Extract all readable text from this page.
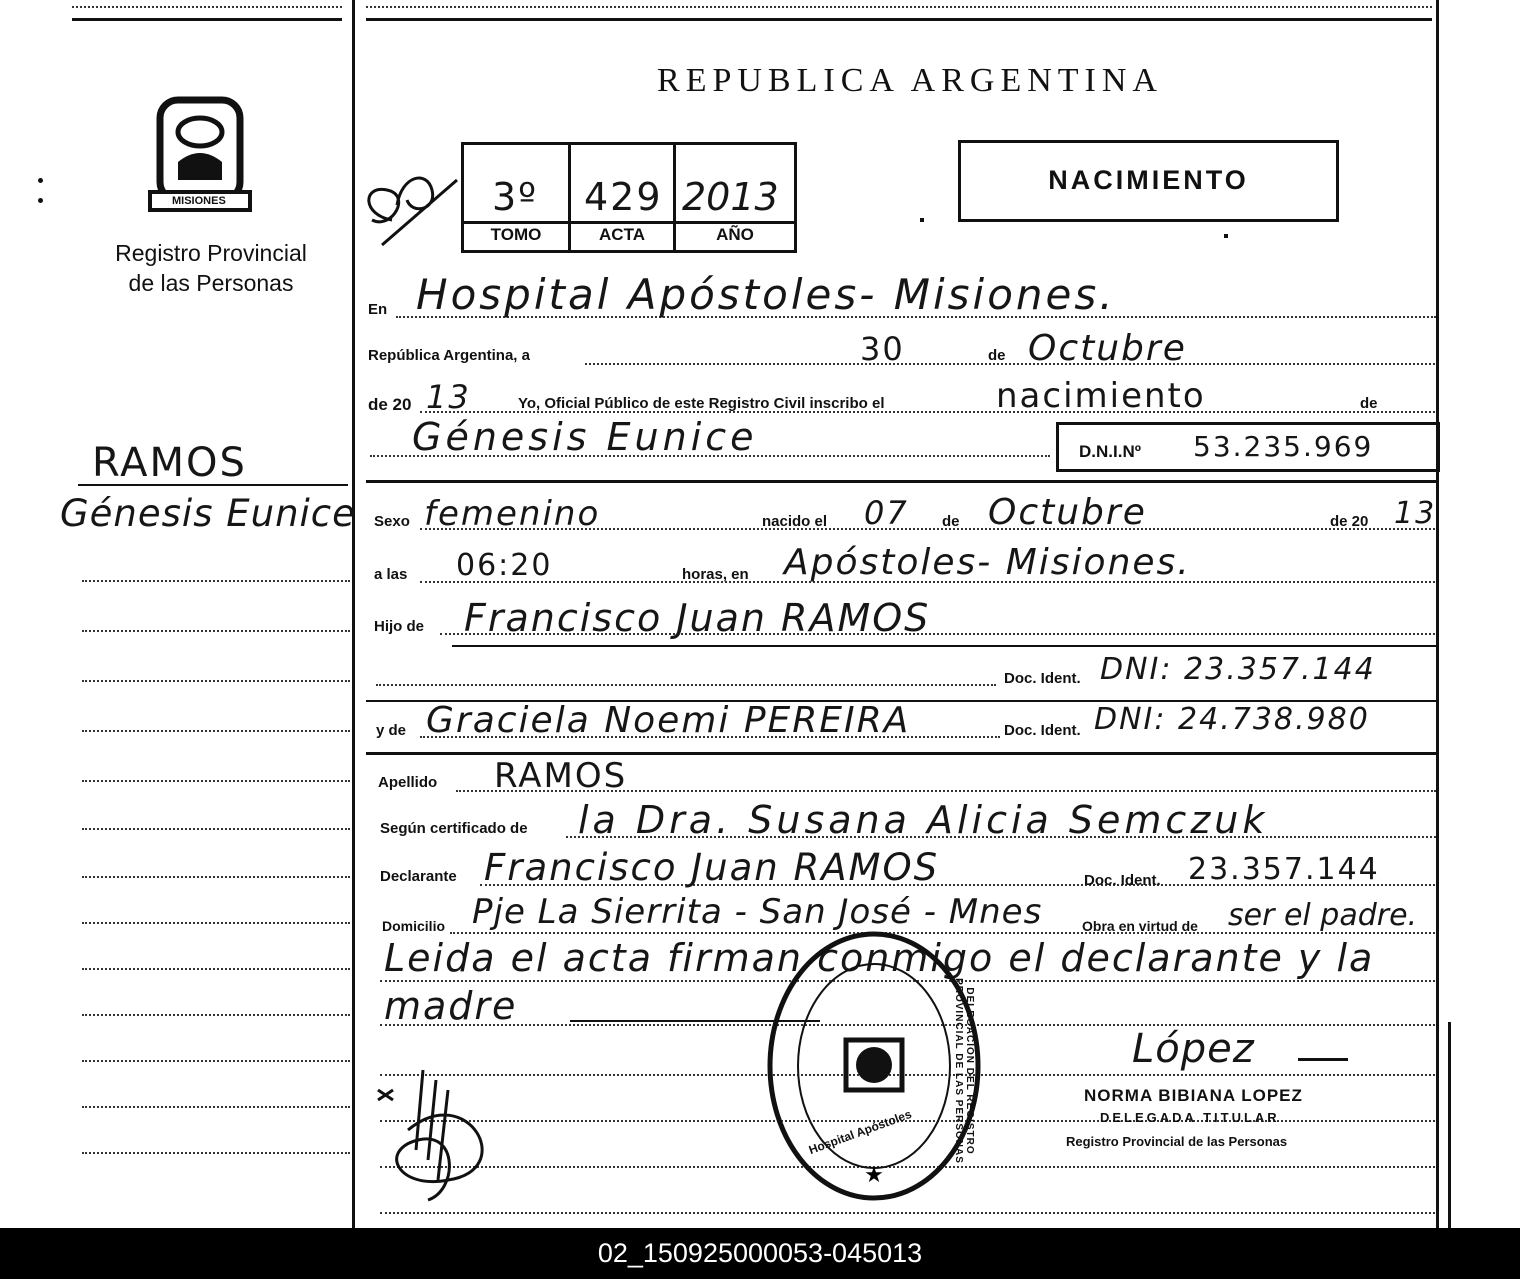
MISIONES
Registro Provincial
de las Personas
RAMOS
Génesis Eunice
REPUBLICA ARGENTINA
3º 429 2013
TOMO	ACTA	AÑO
NACIMIENTO
En Hospital Apóstoles- Misiones.
República Argentina, a	30	de Octubre
de 20 13	Yo, Oficial Público de este Registro Civil inscribo el	nacimiento	de
Génesis Eunice	D.N.I.Nº 53.235.969
Sexo femenino	nacido el 07 de Octubre	de 20 13
a las 06:20	horas, en Apóstoles- Misiones.
Hijo de Francisco Juan RAMOS
Doc. Ident. DNI: 23.357.144
y de Graciela Noemi PEREIRA	Doc. Ident. DNI: 24.738.980
Apellido RAMOS
Según certificado de la Dra. Susana Alicia Semczuk
Declarante Francisco Juan RAMOS	Doc. Ident. 23.357.144
Domicilio Pje La Sierrita - San José - Mnes	Obra en virtud de ser el padre.
Leida el acta firman conmigo el declarante y la
madre
★
Hospital Apóstoles	DELEGACIÓN DEL REGISTRO PROVINCIAL DE LAS PERSONAS	López
NORMA BIBIANA LOPEZ
DELEGADA TITULAR
Registro Provincial de las Personas
02_150925000053-045013
